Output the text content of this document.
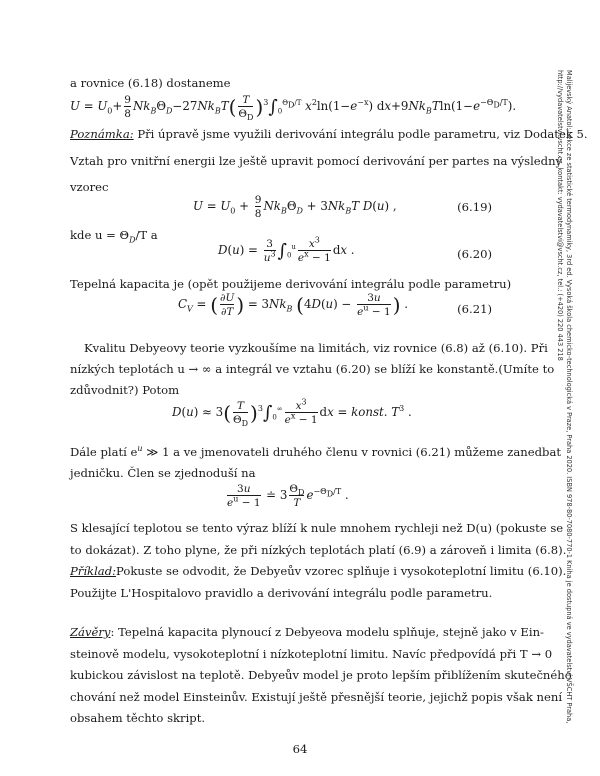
a rovnice (6.18) dostaneme
$U = U_0+ \frac{9}{8} Nk_B\Theta_D-27Nk_BT( \frac{T}{\Theta_D} )^3\int_0^{\Theta_D/T}$ $x^2\ln(1-e^{-x})$ $dx+9Nk_BTln(1-e^{-\Theta_D/T})$.
Poznámka: Při úpravě jsme využili derivování integrálu podle parametru, viz Dodatek 5.
Vztah pro vnitřní energii lze ještě upravit pomocí derivování per partes na výsledný
vzorec
$U = U_0 + \frac{9}{8} Nk_B\Theta_D + 3Nk_BT$ D(u) ,	(6.19)
kde $u = \Theta_D/T$ a
$D(u) = \frac{3}{u^3} \int_0^u \frac{x^3}{e^x - 1}$ dx .	(6.20)
Tepelná kapacita je (opět použijeme derivování integrálu podle parametru)
$C_V$ = ( $\frac{\partial U}{\partial T}$ ) = $3Nk_B$ ($4D(u) - \frac{3u}{e^u - 1}$ ) .	(6.21)
Kvalitu Debyeovy teorie vyzkoušíme na limitách, viz rovnice (6.8) až (6.10). Při
nízkých teplotách u → ∞ a integrál ve vztahu (6.20) se blíží ke konstantě.(Umíte to
zdůvodnit?) Potom
$D(u) \approx 3( \frac{T}{\Theta_D} )^3\int_0^\infty \frac{x^3}{e^x - 1}$ dx = konst. $T^3$ .
Dále platí $e^u$ ≫ 1 a ve jmenovateli druhého členu v rovnici (6.21) můžeme zanedbat
jedničku. Člen se zjednoduší na
$\frac{3u}{e^u - 1}$ ≐ $3 \frac{\Theta_D}{T} e^{-\Theta_D/T}$ .
S klesající teplotou se tento výraz blíží k nule mnohem rychleji než D(u) (pokuste se
to dokázat). Z toho plyne, že při nízkých teplotách platí (6.9) a zároveň i limita (6.8).
Příklad:Pokuste se odvodit, že Debyeův vzorec splňuje i vysokoteplotní limitu (6.10).
Použijte L'Hospitalovo pravidlo a derivování integrálu podle parametru.
Závěry: Tepelná kapacita plynoucí z Debyeova modelu splňuje, stejně jako v Ein-
steinově modelu, vysokoteplotní i nízkoteplotní limitu. Navíc předpovídá při T → 0
kubickou závislost na teplotě. Debyeův model je proto lepším přiblížením skutečného
chování než model Einsteinův. Existují ještě přesnější teorie, jejichž popis však není
obsahem těchto skript.	Malijevský Anatol: Lekce ze statistické termodynamiky, 3rd ed. Vysoká škola chemicko-technologická v Praze, Praha 2020. ISBN 978-80-7080-770-1 Kniha je dostupná ve vydavatelství VŠCHT Praha, http://vydavatelstvi.vscht.cz, kontakt: vydavatelstvi@vscht.cz, tel.: (+420) 220 443 218
64
